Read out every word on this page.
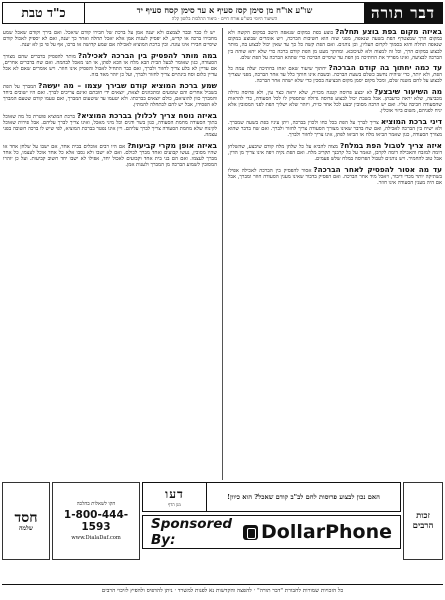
כ"ד טבת	שו"ע או"ח מן סימן קסז סעיף א עד סימן קסח סעיף יד
השיעור היומי בשו"ע אורח חיים · ביאור ההלכות בלשון קלה	דבר תורה
באיזה מקום בפת בוצע תחלה?בוצע בפת במקום שנאפה היטב במקום הקשה ולא במקום הרך שמצטרף הפת בשעה שנאפה, מפני שזה הוא חשיבות הברכה, ויש אומרים שבוצע במקום שנאפה תחלה והוא בסמוך לקרום העליון, וכן נוהגים. ואם הפת קשה כל כך עד שאין יכול לבצוע בה, מותר לבצוע במקום הרך, וכל זה למצוה ולא לעיכובא. ומחתך מעט מן הפת קודם ברכה כדי שלא יהא שוהה בין הברכה לבציעה, ואינו מפריד את החתיכה מן הפת עד שיסיים הברכה כדי שתהא הברכה על הפת שלם.
עד כמה יחתוך בה קודם הברכה?יחתוך שיעור שאם יאחז בחתיכה יעלה עמה כל הפת, ולא יותר, כדי שיהיה נחשב כשלם בשעת הברכה. ובשבת אינו חותך כלל עד אחר הברכה, מפני שצריך לבצוע על לחם משנה שלם, ומכל מקום יסמן מקום הבציעה בסכין כדי שלא ישהה אחר הברכה.
מה השיעור שיבצע?לא יבצע פרוסה קטנה מכזית, שלא יראה כצר עין, ולא פרוסה גדולה מכביצה, שלא יראה כרעבתן. אבל בשבת יכול לבצוע פרוסה גדולה שתספיק לו לכל הסעודה, כדי להראות שהסעודה חביבה עליו. ואם יש הרבה מסובין יבצע לכל אחד כזית, ויזהר שלא ישליך הפת לפני המסובין אלא יניח לפניהם, משום ביזוי אוכלין.
דיני ברכת המוציאצריך לברך על הפת בכל כחו ולכוין בברכה, ויתן עיניו בפת בשעה שמברך. ולא ישיח בין הברכה לאכילה, ואם שח בדבר שאינו מצורך הסעודה צריך לחזור ולברך. ואם שח בדבר שהוא מצורך הסעודה, כגון שאמר הביאו מלח או הביאו לפתן, אינו צריך לחזור ולברך.
איזה צריך לטבול הפת במלח?מצוה להביא על כל שלחן מלח קודם שיבצע, שהשלחן דומה למזבח והאכילה דומה לקרבן, ונאמר על כל קרבנך תקריב מלח. ואם הפת נקיה ויפה אינו צריך מן הדין, אבל טוב להחמיר. ויש נוהגים לטבול הפרוסה במלח שלש פעמים.
עד מה אסור להפסיק לאחר הברכה?אסור להפסיק בין הברכה לאכילה אפילו בשתיקה יותר מכדי דיבור, ויאכל מיד אחר הברכה. ואם הפסיק בדבור שאינו מענין הסעודה חוזר ומברך, אבל אם היה מענין הסעודה אינו חוזר.
יש לו כבר ובבר לצמצם ולא יענה אמן על ברכת של חבירו קודם שיאכל. ואם בירך וקודם שאכל שמע מחבירו ברכה או קדיש, לא יפסיק לענות אמן אלא יאכל תחלה ואחר כך יענה, ואם לא יספיק לאכול קודם שיסיים חבירו אינו עונה. ובין ברכת המוציא לאכילה אם שמע קדושה או ברכו, אף על פי כן לא יענה.
במה מותר להפסיק בין הברכה לאכילה?מותר להפסיק בדברים שהם מצורך הסעודה, כגון שאומר לבעל הבית הבא מלח או הבא לפתן, או תנו מאכל לבהמה. ואם שח בדברים אחרים, אם עדיין לא בלע צריך לחזור ולברך, ואם כבר התחיל לאכול והפסיק אינו חוזר. ויש אומרים שאם לא אכל עדיין כלום וסח בינתיים צריך לחזור ולברך, ועל כן יזהר מאד בזה.
שמע ברכת המוציא קודם שבירך עצמו – מה יעשה?המברך על הפת בשביל אחרים והם שומעים ומתכוונים לצאת, יוצאים ידי חובתם ואינם צריכים לברך. ואם היו ישובים ביחד והמברך כוון להוציאם, כולם יוצאים בברכתו. ולא יטעמו עד שיטעום המברך, ואם טעמו קודם שטעם המברך לא הפסידו, אבל יש להם לכתחלה להמתין.
באיזה נוסח צריך לכלולן בברכת המוציא?ברכת המוציא פוטרת כל מה שאוכל בתוך הסעודה מחמת הסעודה, כגון בשר ודגים וכל מיני מאכל, ואינו צריך לברך עליהם. אבל פירות שאוכל לקינוח שלא מחמת הסעודה צריך לברך עליהם. ויין אינו נפטר בברכת המוציא, לפי שיש לו ברכה חשובה בפני עצמה.
באיזה אופן מקרי קביעות?אם היו רבים אוכלים בבית אחד, אם ישבו על שלחן אחד או שהיו מסובין, נעשו קבועים ואחד מברך לכולם. ואם לא ישבו ולא נסבו אלא כל אחד אוכל לעצמו, כל אחד מברך לעצמו. ואם הם בני בית אחד וקבועים לאכול יחד, אפילו לא ישבו יחד חשוב קביעות. ועל כן יזהרו המסובין לשמוע הברכה מן המברך ולענות אמן.
חסד
שלמה
הקו לשאלות בהלכה
1-800-444-1593
www.DialaDaf.com
דעו
מגן הדף
האם נכון לבצוע פרוסות לחם לב"ב קודם שאכל? הוא כיוון!
Sponsored By:	DollarPhone
זכות
הרבים
כל הזכויות שמורות לחבורת "דבר תורה" · להפצה והקדשות נא לפנות למשרד · ניתן להדפיס ולהפיץ לזיכוי הרבים
